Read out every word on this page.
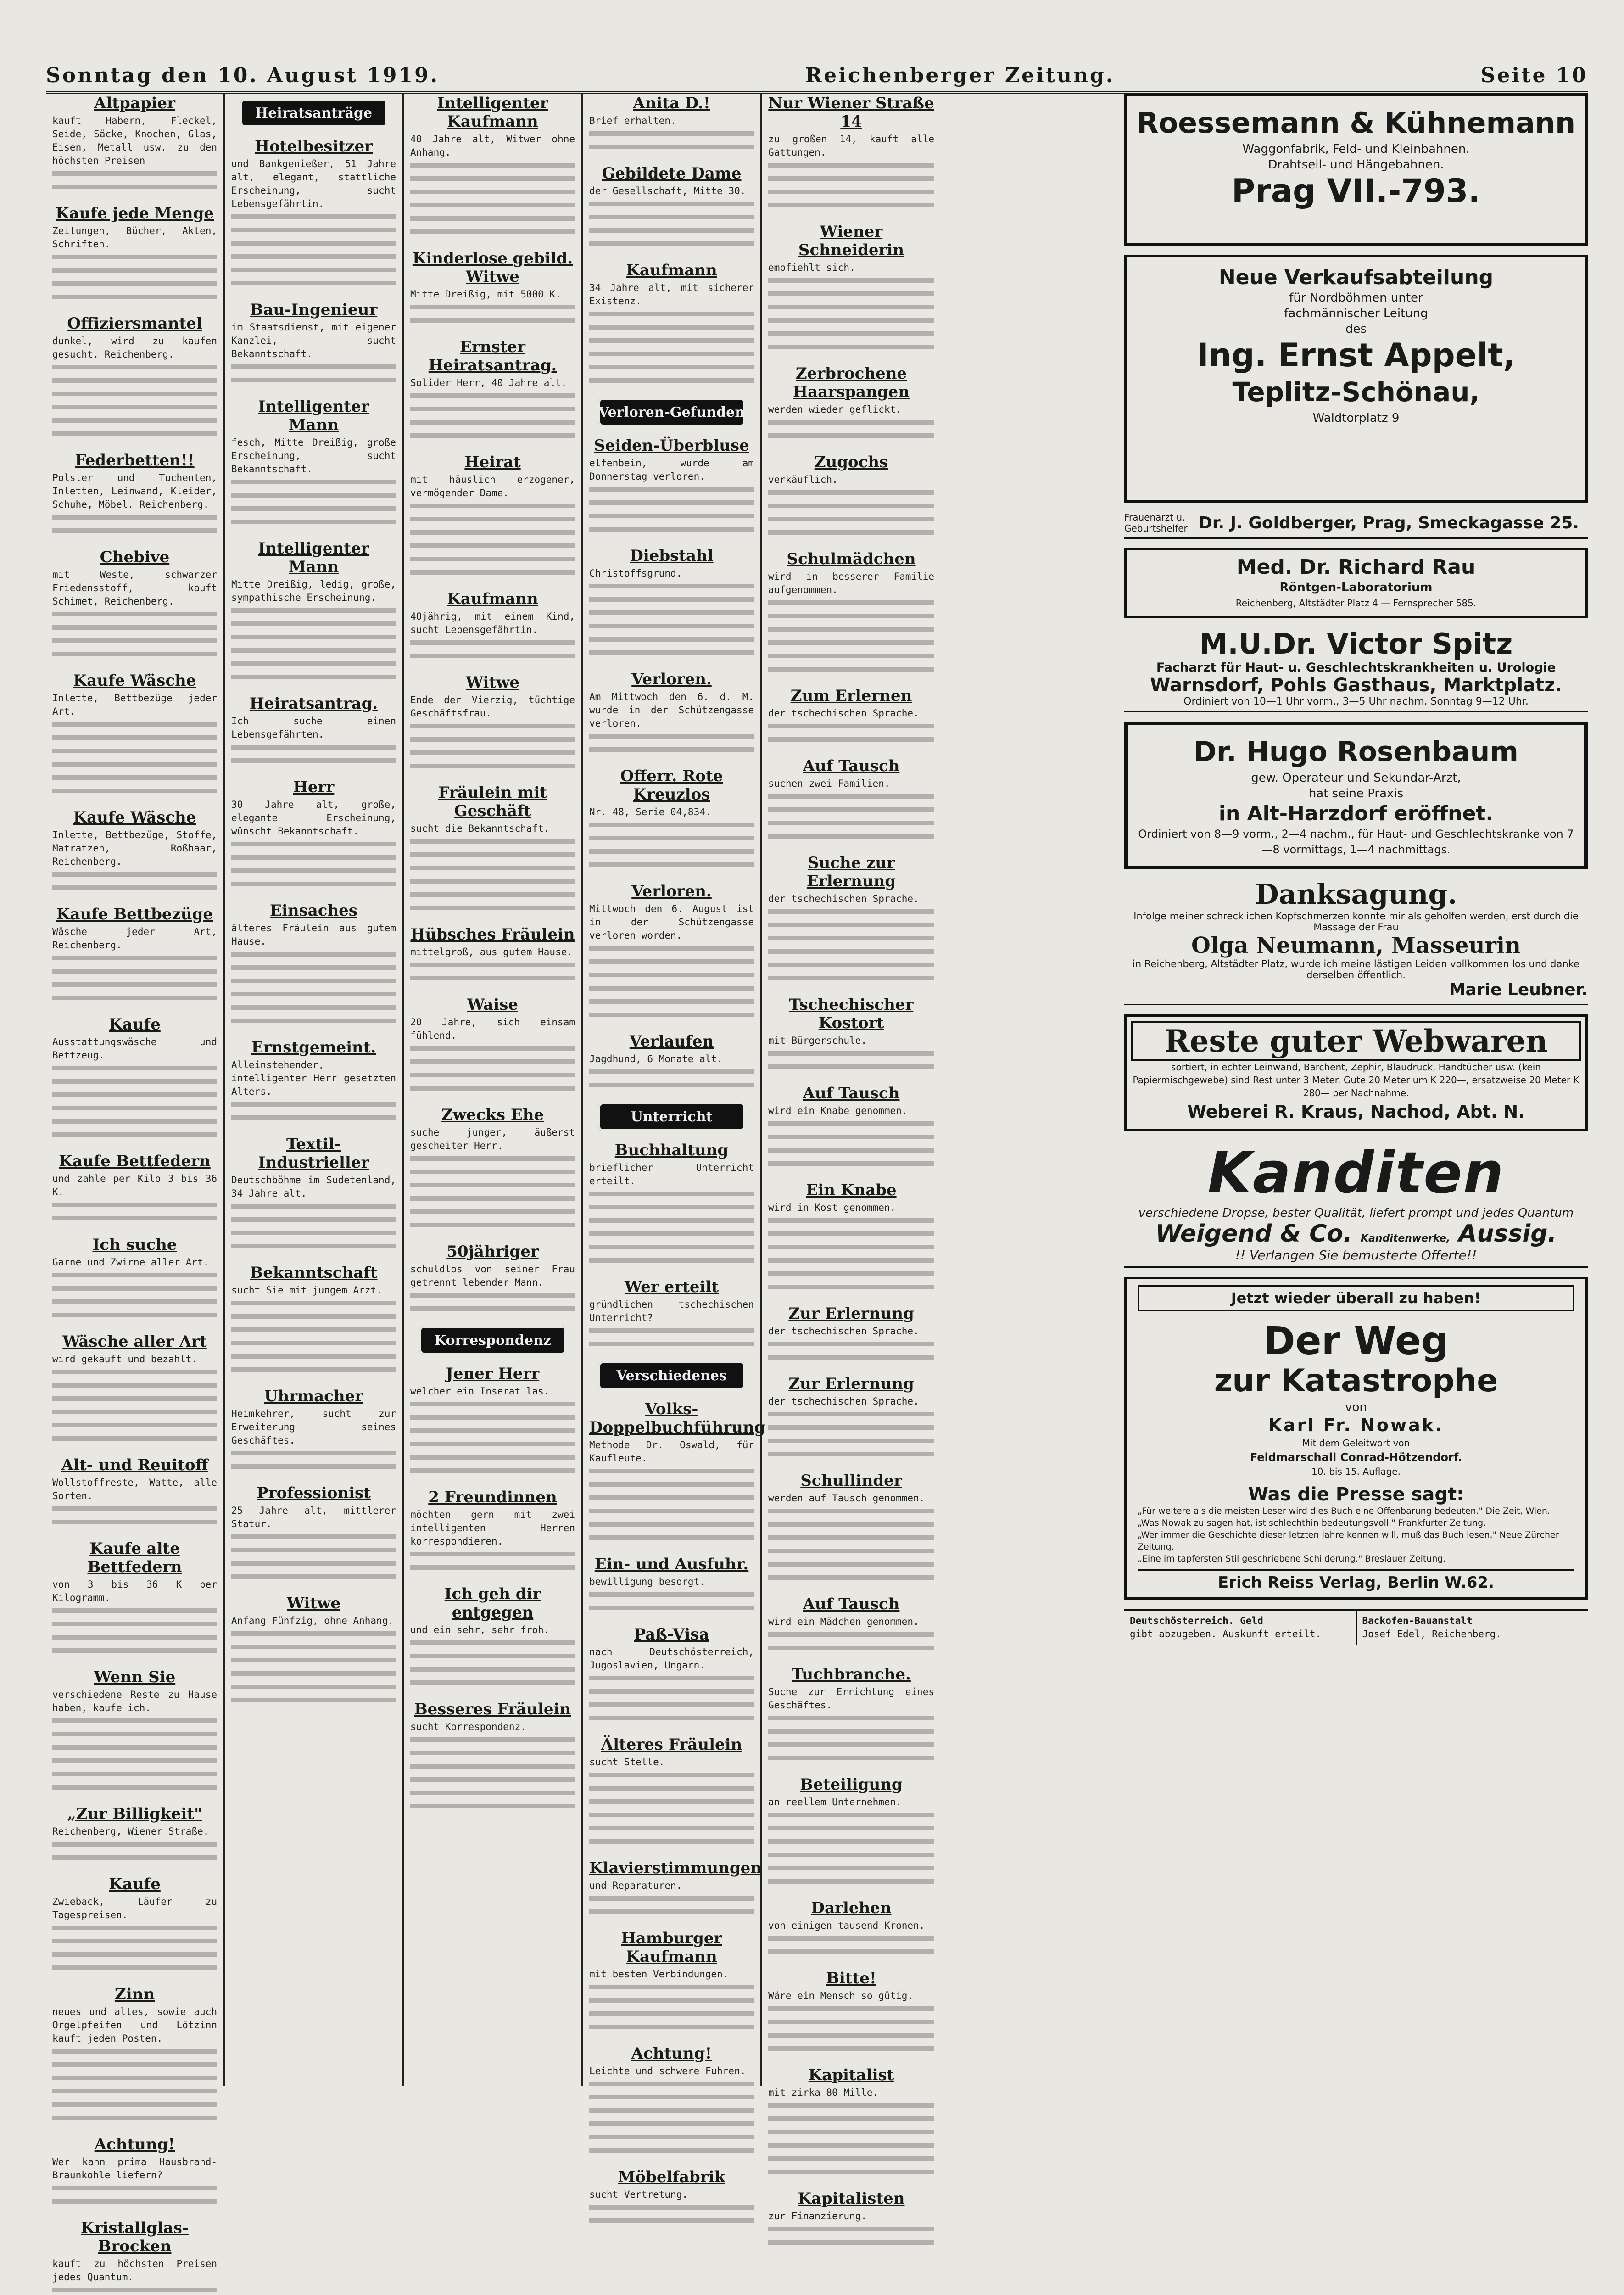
Sonntag den 10. August 1919.	Reichenberger Zeitung.	Seite 10
Altpapier

kauft Habern, Fleckel, Seide, Säcke, Knochen, Glas, Eisen, Metall usw. zu den höchsten Preisen

Kaufe jede Menge

Zeitungen, Bücher, Akten, Schriften.

Offiziersmantel

dunkel, wird zu kaufen gesucht. Reichenberg.

Federbetten!!

Polster und Tuchenten, Inletten, Leinwand, Kleider, Schuhe, Möbel. Reichenberg.

Chebive

mit Weste, schwarzer Friedensstoff, kauft Schimet, Reichenberg.

Kaufe Wäsche

Inlette, Bettbezüge jeder Art.

Kaufe Wäsche

Inlette, Bettbezüge, Stoffe, Matratzen, Roßhaar, Reichenberg.

Kaufe Bettbezüge

Wäsche jeder Art, Reichenberg.

Kaufe

Ausstattungswäsche und Bettzeug.

Kaufe Bettfedern

und zahle per Kilo 3 bis 36 K.

Ich suche

Garne und Zwirne aller Art.

Wäsche aller Art

wird gekauft und bezahlt.

Alt- und Reuitoff

Wollstoffreste, Watte, alle Sorten.

Kaufe alte Bettfedern

von 3 bis 36 K per Kilogramm.

Wenn Sie

verschiedene Reste zu Hause haben, kaufe ich.

„Zur Billigkeit"

Reichenberg, Wiener Straße.

Kaufe

Zwieback, Läufer zu Tagespreisen.

Zinn

neues und altes, sowie auch Orgelpfeifen und Lötzinn kauft jeden Posten.

Achtung!

Wer kann prima Hausbrand-Braunkohle liefern?

Kristallglas-Brocken

kauft zu höchsten Preisen jedes Quantum.

Heiratsanträge
Hotelbesitzer

und Bankgenießer, 51 Jahre alt, elegant, stattliche Erscheinung, sucht Lebensgefährtin.

Bau-Ingenieur

im Staatsdienst, mit eigener Kanzlei, sucht Bekanntschaft.

Intelligenter Mann

fesch, Mitte Dreißig, große Erscheinung, sucht Bekanntschaft.

Intelligenter Mann

Mitte Dreißig, ledig, große, sympathische Erscheinung.

Heiratsantrag.

Ich suche einen Lebensgefährten.

Herr

30 Jahre alt, große, elegante Erscheinung, wünscht Bekanntschaft.

Einsaches

älteres Fräulein aus gutem Hause.

Ernstgemeint.

Alleinstehender, intelligenter Herr gesetzten Alters.

Textil-Industrieller

Deutschböhme im Sudetenland, 34 Jahre alt.

Bekanntschaft

sucht Sie mit jungem Arzt.

Uhrmacher

Heimkehrer, sucht zur Erweiterung seines Geschäftes.

Professionist

25 Jahre alt, mittlerer Statur.

Witwe

Anfang Fünfzig, ohne Anhang.

Intelligenter Kaufmann

40 Jahre alt, Witwer ohne Anhang.

Kinderlose gebild. Witwe

Mitte Dreißig, mit 5000 K.

Ernster Heiratsantrag.

Solider Herr, 40 Jahre alt.

Heirat

mit häuslich erzogener, vermögender Dame.

Kaufmann

40jährig, mit einem Kind, sucht Lebensgefährtin.

Witwe

Ende der Vierzig, tüchtige Geschäftsfrau.

Fräulein mit Geschäft

sucht die Bekanntschaft.

Hübsches Fräulein

mittelgroß, aus gutem Hause.

Waise

20 Jahre, sich einsam fühlend.

Zwecks Ehe

suche junger, äußerst gescheiter Herr.

50jähriger

schuldlos von seiner Frau getrennt lebender Mann.

Korrespondenz
Jener Herr

welcher ein Inserat las.

2 Freundinnen

möchten gern mit zwei intelligenten Herren korrespondieren.

Ich geh dir entgegen

und ein sehr, sehr froh.

Besseres Fräulein

sucht Korrespondenz.

Anita D.!

Brief erhalten.

Gebildete Dame

der Gesellschaft, Mitte 30.

Kaufmann

34 Jahre alt, mit sicherer Existenz.

Verloren-Gefunden
Seiden-Überbluse

elfenbein, wurde am Donnerstag verloren.

Diebstahl

Christoffsgrund.

Verloren.

Am Mittwoch den 6. d. M. wurde in der Schützengasse verloren.

Offerr. Rote Kreuzlos

Nr. 48, Serie 04,834.

Verloren.

Mittwoch den 6. August ist in der Schützengasse verloren worden.

Verlaufen

Jagdhund, 6 Monate alt.

Unterricht
Buchhaltung

brieflicher Unterricht erteilt.

Wer erteilt

gründlichen tschechischen Unterricht?

Verschiedenes
Volks-Doppelbuchführung

Methode Dr. Oswald, für Kaufleute.

Ein- und Ausfuhr.

bewilligung besorgt.

Paß-Visa

nach Deutschösterreich, Jugoslavien, Ungarn.

Älteres Fräulein

sucht Stelle.

Klavierstimmungen

und Reparaturen.

Hamburger Kaufmann

mit besten Verbindungen.

Achtung!

Leichte und schwere Fuhren.

Möbelfabrik

sucht Vertretung.

Nur Wiener Straße 14

zu großen 14, kauft alle Gattungen.

Wiener Schneiderin

empfiehlt sich.

Zerbrochene Haarspangen

werden wieder geflickt.

Zugochs

verkäuflich.

Schulmädchen

wird in besserer Familie aufgenommen.

Zum Erlernen

der tschechischen Sprache.

Auf Tausch

suchen zwei Familien.

Suche zur Erlernung

der tschechischen Sprache.

Tschechischer Kostort

mit Bürgerschule.

Auf Tausch

wird ein Knabe genommen.

Ein Knabe

wird in Kost genommen.

Zur Erlernung

der tschechischen Sprache.

Zur Erlernung

der tschechischen Sprache.

Schullinder

werden auf Tausch genommen.

Auf Tausch

wird ein Mädchen genommen.

Tuchbranche.

Suche zur Errichtung eines Geschäftes.

Beteiligung

an reellem Unternehmen.

Darlehen

von einigen tausend Kronen.

Bitte!

Wäre ein Mensch so gütig.

Kapitalist

mit zirka 80 Mille.

Kapitalisten

zur Finanzierung.

Roessemann & Kühnemann
Waggonfabrik, Feld- und Kleinbahnen.
Drahtseil- und Hängebahnen.
Prag VII.-793.
Neue Verkaufsabteilung
für Nordböhmen unter
fachmännischer Leitung
des
Ing. Ernst Appelt,
Teplitz-Schönau,
Waldtorplatz 9
Frauenarzt u. Geburtshelfer Dr. J. Goldberger, Prag, Smeckagasse 25.
Med. Dr. Richard Rau
Röntgen-Laboratorium
Reichenberg, Altstädter Platz 4 — Fernsprecher 585.
M.U.Dr. Victor Spitz
Facharzt für Haut- u. Geschlechtskrankheiten u. Urologie
Warnsdorf, Pohls Gasthaus, Marktplatz.
Ordiniert von 10—1 Uhr vorm., 3—5 Uhr nachm. Sonntag 9—12 Uhr.
Dr. Hugo Rosenbaum
gew. Operateur und Sekundar-Arzt,
hat seine Praxis
in Alt-Harzdorf eröffnet.
Ordiniert von 8—9 vorm., 2—4 nachm., für Haut- und Geschlechtskranke von 7—8 vormittags, 1—4 nachmittags.
Danksagung.
Infolge meiner schrecklichen Kopfschmerzen konnte mir als geholfen werden, erst durch die Massage der Frau
Olga Neumann, Masseurin
in Reichenberg, Altstädter Platz, wurde ich meine lästigen Leiden vollkommen los und danke derselben öffentlich.
Marie Leubner.
Reste guter Webwaren
sortiert, in echter Leinwand, Barchent, Zephir, Blaudruck, Handtücher usw. (kein Papiermischgewebe) sind Rest unter 3 Meter. Gute 20 Meter um K 220—, ersatzweise 20 Meter K 280— per Nachnahme.
Weberei R. Kraus, Nachod, Abt. N.
Kanditen
verschiedene Dropse, bester Qualität, liefert prompt und jedes Quantum
Weigend & Co. Kanditenwerke, Aussig.
!! Verlangen Sie bemusterte Offerte!!
Jetzt wieder überall zu haben!
Der Weg
zur Katastrophe
von
Karl Fr. Nowak.
Mit dem Geleitwort von
Feldmarschall Conrad-Hötzendorf.
10. bis 15. Auflage.
Was die Presse sagt:
„Für weitere als die meisten Leser wird dies Buch eine Offenbarung bedeuten." Die Zeit, Wien.
„Was Nowak zu sagen hat, ist schlechthin bedeutungsvoll." Frankfurter Zeitung.
„Wer immer die Geschichte dieser letzten Jahre kennen will, muß das Buch lesen." Neue Zürcher Zeitung.
„Eine im tapfersten Stil geschriebene Schilderung." Breslauer Zeitung.
Erich Reiss Verlag, Berlin W.62.
Deutschösterreich. Geld
gibt abzugeben. Auskunft erteilt.
Backofen-Bauanstalt
Josef Edel, Reichenberg.
